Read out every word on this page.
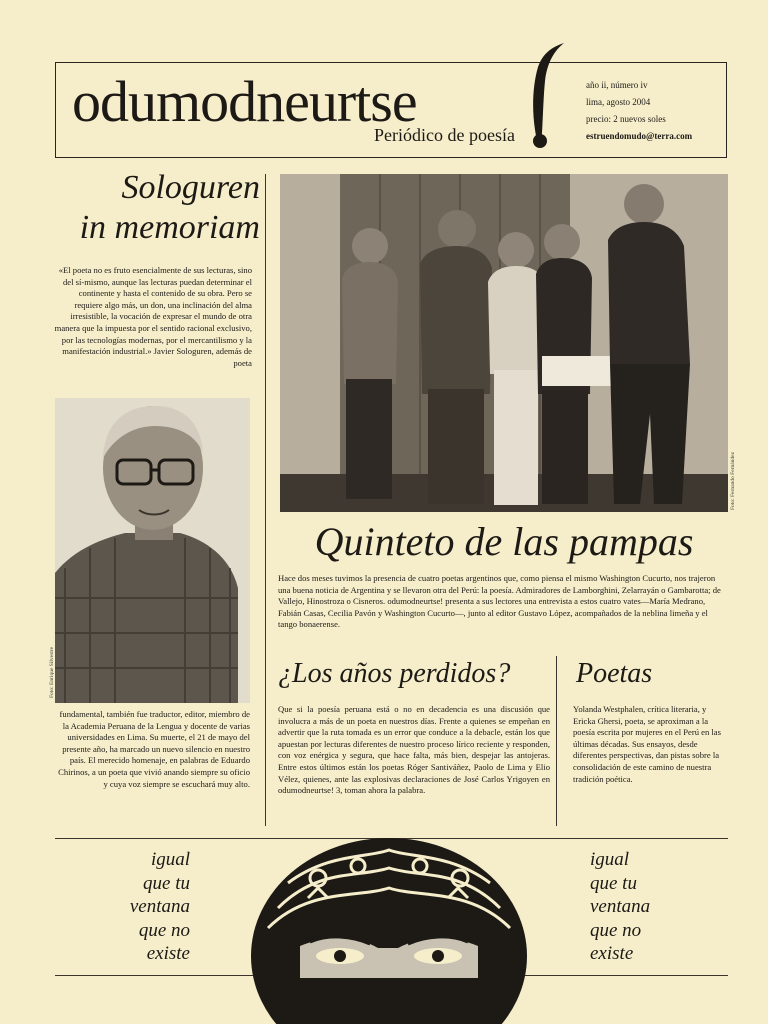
odumodneurtse
Periódico de poesía
año ii, número iv
lima, agosto 2004
precio: 2 nuevos soles
estruendomudo@terra.com
Sologuren
in memoriam
«El poeta no es fruto esencialmente de sus lecturas, sino del sí-mismo, aunque las lecturas puedan determinar el continente y hasta el contenido de su obra. Pero se requiere algo más, un don, una inclinación del alma irresistible, la vocación de expresar el mundo de otra manera que la impuesta por el sentido racional exclusivo, por las tecnologías modernas, por el mercantilismo y la manifestación industrial.» Javier Sologuren, además de poeta
Foto: Enrique Silvestre
fundamental, también fue traductor, editor, miembro de la Academia Peruana de la Lengua y docente de varias universidades en Lima. Su muerte, el 21 de mayo del presente año, ha marcado un nuevo silencio en nuestro país. El merecido homenaje, en palabras de Eduardo Chirinos, a un poeta que vivió anando siempre su oficio y cuya voz siempre se escuchará muy alto.
Foto: Fernando Fernández
Quinteto de las pampas
Hace dos meses tuvimos la presencia de cuatro poetas argentinos que, como piensa el mismo Washington Cucurto, nos trajeron una buena noticia de Argentina y se llevaron otra del Perú: la poesía. Admiradores de Lamborghini, Zelarrayán o Gambarotta; de Vallejo, Hinostroza o Cisneros. odumodneurtse! presenta a sus lectores una entrevista a estos cuatro vates—María Medrano, Fabián Casas, Cecilia Pavón y Washington Cucurto—, junto al editor Gustavo López, acompañados de la neblina limeña y el tango bonaerense.
¿Los años perdidos?
Que si la poesía peruana está o no en decadencia es una discusión que involucra a más de un poeta en nuestros días. Frente a quienes se empeñan en advertir que la ruta tomada es un error que conduce a la debacle, están los que apuestan por lecturas diferentes de nuestro proceso lírico reciente y responden, con voz enérgica y segura, que hace falta, más bien, despejar las antojeras. Entre estos últimos están los poetas Róger Santiváñez, Paolo de Lima y Elio Vélez, quienes, ante las explosivas declaraciones de José Carlos Yrigoyen en odumodneurtse! 3, toman ahora la palabra.
Poetas
Yolanda Westphalen, crítica literaria, y Ericka Ghersi, poeta, se aproximan a la poesía escrita por mujeres en el Perú en las últimas décadas. Sus ensayos, desde diferentes perspectivas, dan pistas sobre la consolidación de este camino de nuestra tradición poética.
igual
que tu
ventana
que no
existe
igual
que tu
ventana
que no
existe
